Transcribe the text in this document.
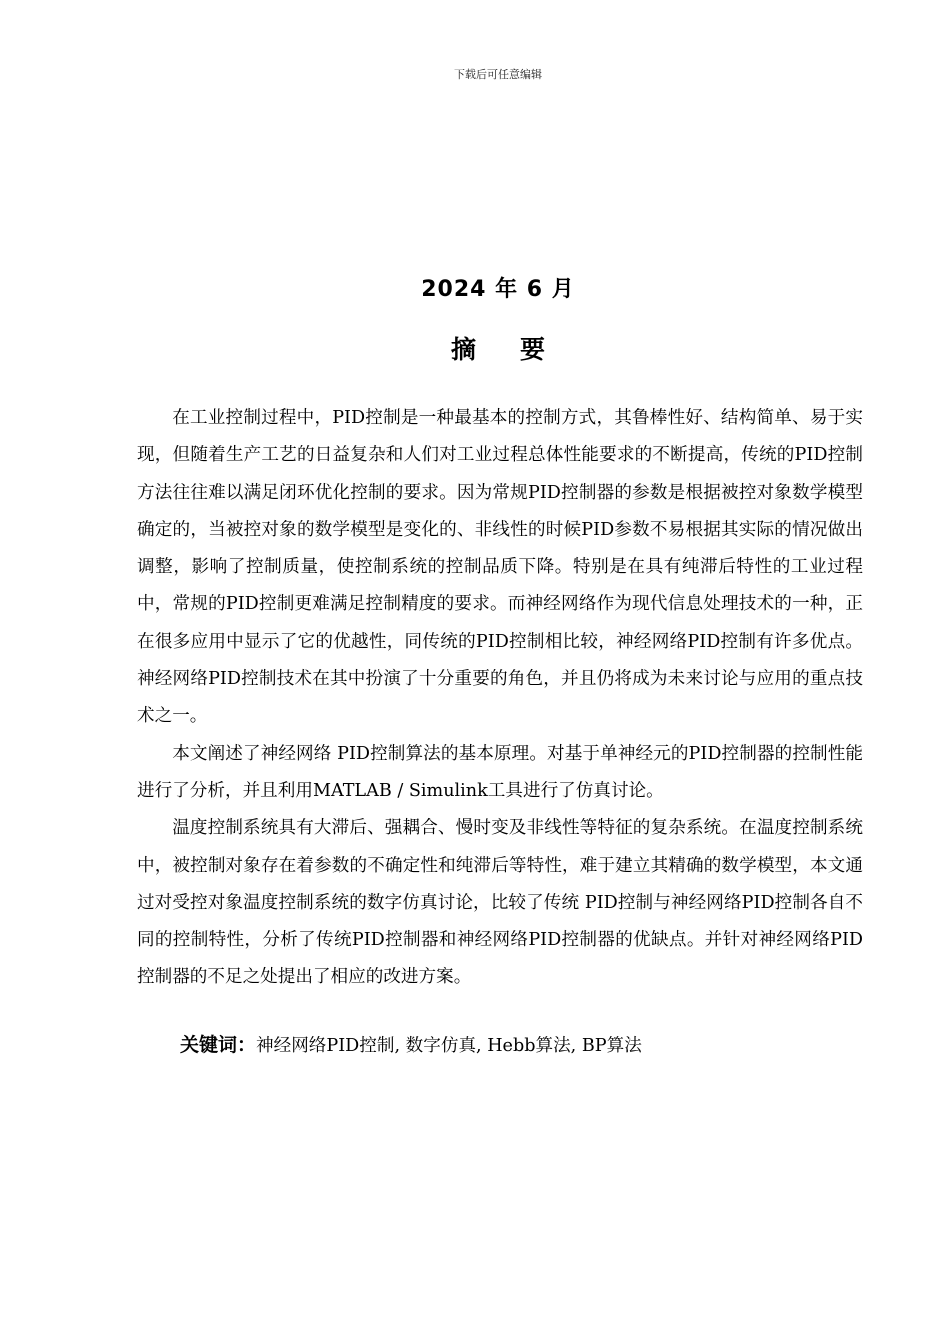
下载后可任意编辑
2024 年 6 月
摘要

在工业控制过程中，PID控制是一种最基本的控制方式，其鲁棒性好、结构简单、易于实现，但随着生产工艺的日益复杂和人们对工业过程总体性能要求的不断提高，传统的PID控制方法往往难以满足闭环优化控制的要求。因为常规PID控制器的参数是根据被控对象数学模型确定的，当被控对象的数学模型是变化的、非线性的时候PID参数不易根据其实际的情况做出调整，影响了控制质量，使控制系统的控制品质下降。特别是在具有纯滞后特性的工业过程中，常规的PID控制更难满足控制精度的要求。而神经网络作为现代信息处理技术的一种，正在很多应用中显示了它的优越性，同传统的PID控制相比较，神经网络PID控制有许多优点。神经网络PID控制技术在其中扮演了十分重要的角色，并且仍将成为未来讨论与应用的重点技术之一。

本文阐述了神经网络 PID控制算法的基本原理。对基于单神经元的PID控制器的控制性能进行了分析，并且利用MATLAB / Simulink工具进行了仿真讨论。

温度控制系统具有大滞后、强耦合、慢时变及非线性等特征的复杂系统。在温度控制系统中，被控制对象存在着参数的不确定性和纯滞后等特性，难于建立其精确的数学模型，本文通过对受控对象温度控制系统的数字仿真讨论，比较了传统 PID控制与神经网络PID控制各自不同的控制特性，分析了传统PID控制器和神经网络PID控制器的优缺点。并针对神经网络PID控制器的不足之处提出了相应的改进方案。

关键词：神经网络PID控制, 数字仿真, Hebb算法, BP算法
